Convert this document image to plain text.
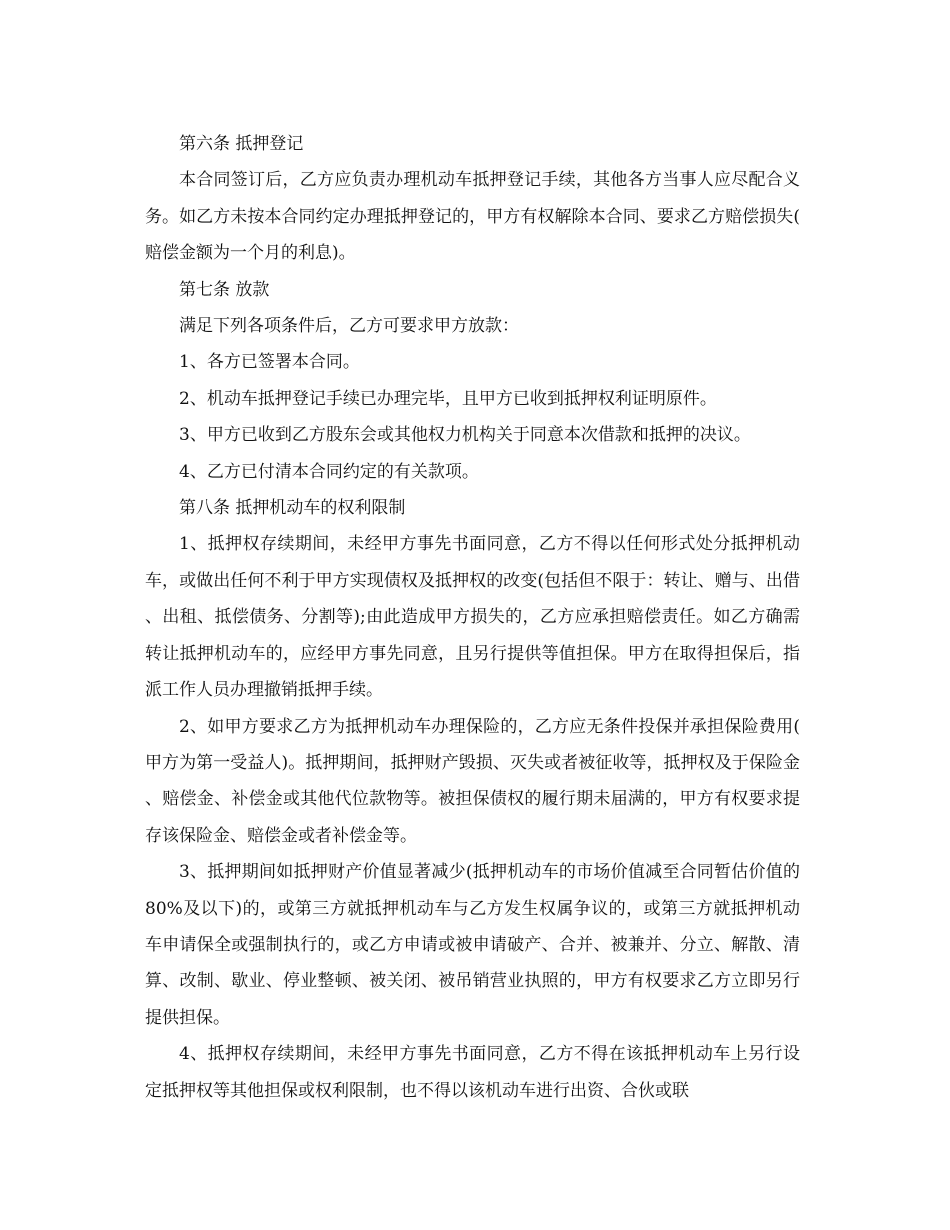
第六条 抵押登记

本合同签订后，乙方应负责办理机动车抵押登记手续，其他各方当事人应尽配合义务。如乙方未按本合同约定办理抵押登记的，甲方有权解除本合同、要求乙方赔偿损失(赔偿金额为一个月的利息)。

第七条 放款

满足下列各项条件后，乙方可要求甲方放款：

1、各方已签署本合同。

2、机动车抵押登记手续已办理完毕，且甲方已收到抵押权利证明原件。

3、甲方已收到乙方股东会或其他权力机构关于同意本次借款和抵押的决议。

4、乙方已付清本合同约定的有关款项。

第八条 抵押机动车的权利限制

1、抵押权存续期间，未经甲方事先书面同意，乙方不得以任何形式处分抵押机动车，或做出任何不利于甲方实现债权及抵押权的改变(包括但不限于：转让、赠与、出借、出租、抵偿债务、分割等);由此造成甲方损失的，乙方应承担赔偿责任。如乙方确需转让抵押机动车的，应经甲方事先同意，且另行提供等值担保。甲方在取得担保后，指派工作人员办理撤销抵押手续。

2、如甲方要求乙方为抵押机动车办理保险的，乙方应无条件投保并承担保险费用(甲方为第一受益人)。抵押期间，抵押财产毁损、灭失或者被征收等，抵押权及于保险金、赔偿金、补偿金或其他代位款物等。被担保债权的履行期未届满的，甲方有权要求提存该保险金、赔偿金或者补偿金等。

3、抵押期间如抵押财产价值显著减少(抵押机动车的市场价值减至合同暂估价值的80%及以下)的，或第三方就抵押机动车与乙方发生权属争议的，或第三方就抵押机动车申请保全或强制执行的，或乙方申请或被申请破产、合并、被兼并、分立、解散、清算、改制、歇业、停业整顿、被关闭、被吊销营业执照的，甲方有权要求乙方立即另行提供担保。

4、抵押权存续期间，未经甲方事先书面同意，乙方不得在该抵押机动车上另行设定抵押权等其他担保或权利限制，也不得以该机动车进行出资、合伙或联
